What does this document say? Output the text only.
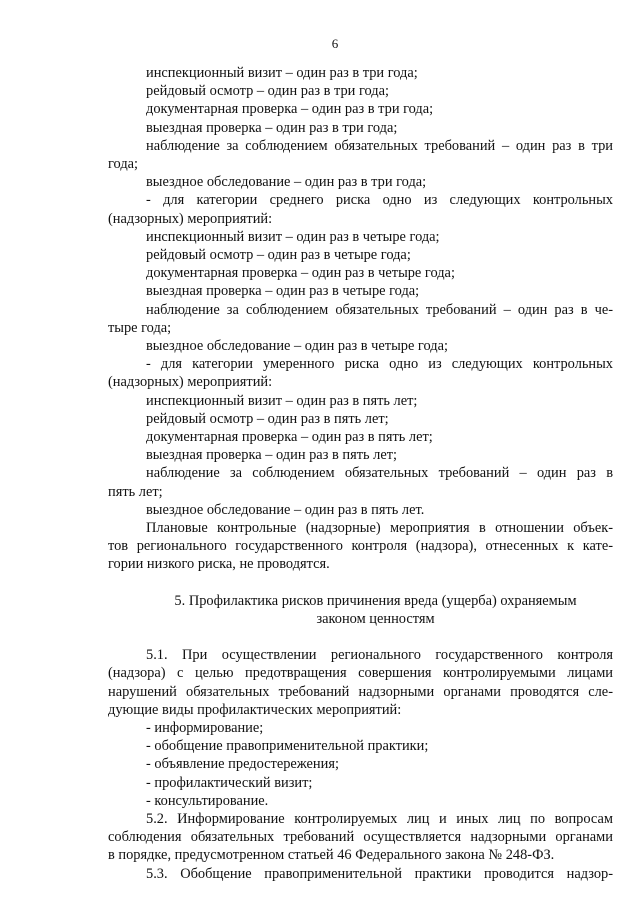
6
инспекционный визит – один раз в три года;
рейдовый осмотр – один раз в три года;
документарная проверка – один раз в три года;
выездная проверка – один раз в три года;
наблюдение за соблюдением обязательных требований – один раз в три
года;
выездное обследование – один раз в три года;
- для категории среднего риска одно из следующих контрольных
(надзорных) мероприятий:
инспекционный визит – один раз в четыре года;
рейдовый осмотр – один раз в четыре года;
документарная проверка – один раз в четыре года;
выездная проверка – один раз в четыре года;
наблюдение за соблюдением обязательных требований – один раз в че-
тыре года;
выездное обследование – один раз в четыре года;
- для категории умеренного риска одно из следующих контрольных
(надзорных) мероприятий:
инспекционный визит – один раз в пять лет;
рейдовый осмотр – один раз в пять лет;
документарная проверка – один раз в пять лет;
выездная проверка – один раз в пять лет;
наблюдение за соблюдением обязательных требований – один раз в
пять лет;
выездное обследование – один раз в пять лет.
Плановые контрольные (надзорные) мероприятия в отношении объек-
тов регионального государственного контроля (надзора), отнесенных к кате-
гории низкого риска, не проводятся.
5. Профилактика рисков причинения вреда (ущерба) охраняемым
законом ценностям
5.1. При осуществлении регионального государственного контроля
(надзора) с целью предотвращения совершения контролируемыми лицами
нарушений обязательных требований надзорными органами проводятся сле-
дующие виды профилактических мероприятий:
- информирование;
- обобщение правоприменительной практики;
- объявление предостережения;
- профилактический визит;
- консультирование.
5.2. Информирование контролируемых лиц и иных лиц по вопросам
соблюдения обязательных требований осуществляется надзорными органами
в порядке, предусмотренном статьей 46 Федерального закона № 248-ФЗ.
5.3. Обобщение правоприменительной практики проводится надзор-
